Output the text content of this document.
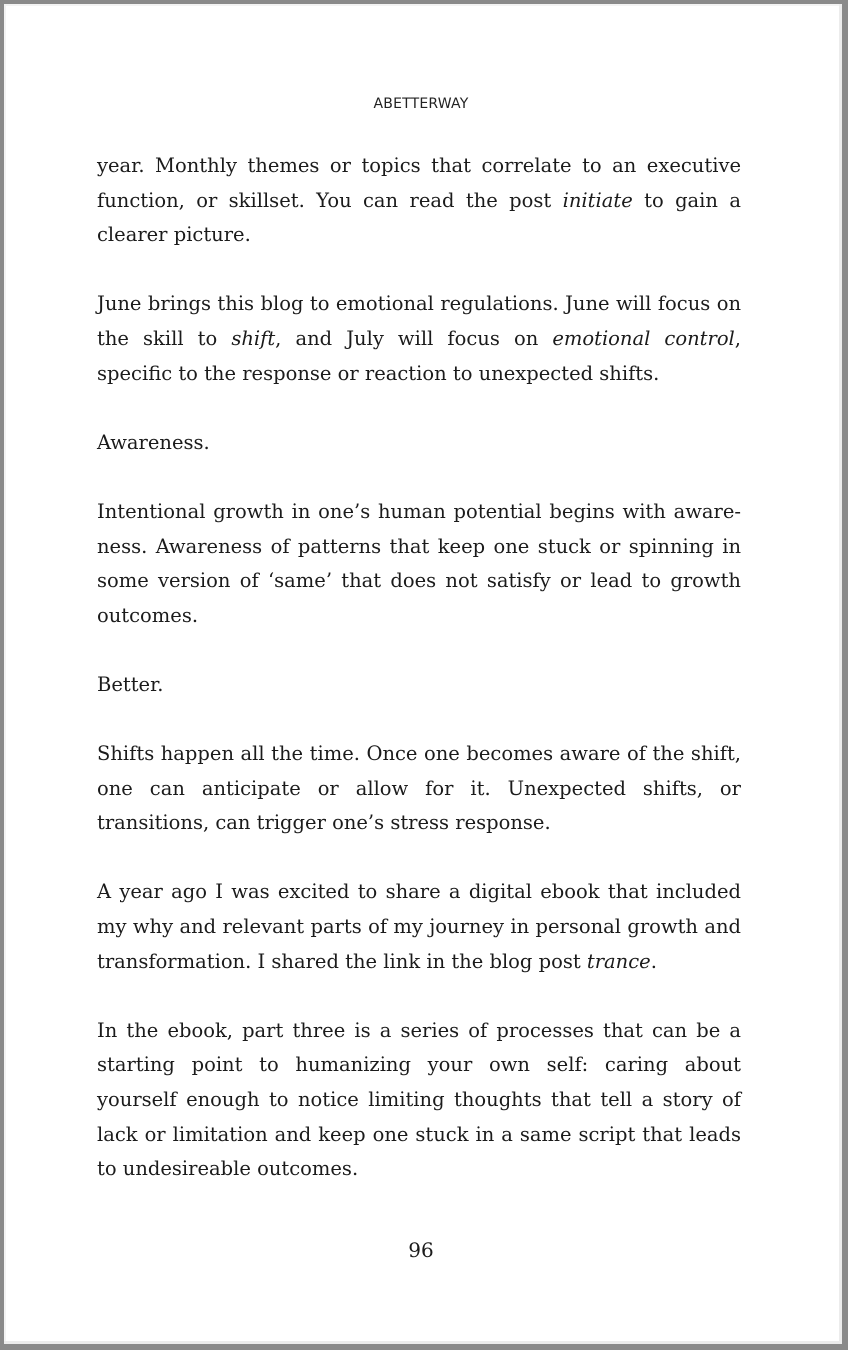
ABETTERWAY

year. Monthly themes or topics that correlate to an executive function, or skillset. You can read the post initiate to gain a clearer picture.

June brings this blog to emotional regulations. June will focus on the skill to shift, and July will focus on emotional control, specific to the response or reaction to unexpected shifts.

Awareness.

Intentional growth in one’s human potential begins with awareness. Awareness of patterns that keep one stuck or spinning in some version of ‘same’ that does not satisfy or lead to growth outcomes.

Better.

Shifts happen all the time. Once one becomes aware of the shift, one can anticipate or allow for it. Unexpected shifts, or transitions, can trigger one’s stress response.

A year ago I was excited to share a digital ebook that included my why and relevant parts of my journey in personal growth and transformation. I shared the link in the blog post trance.

In the ebook, part three is a series of processes that can be a starting point to humanizing your own self: caring about yourself enough to notice limiting thoughts that tell a story of lack or limitation and keep one stuck in a same script that leads to undesireable outcomes.

96
